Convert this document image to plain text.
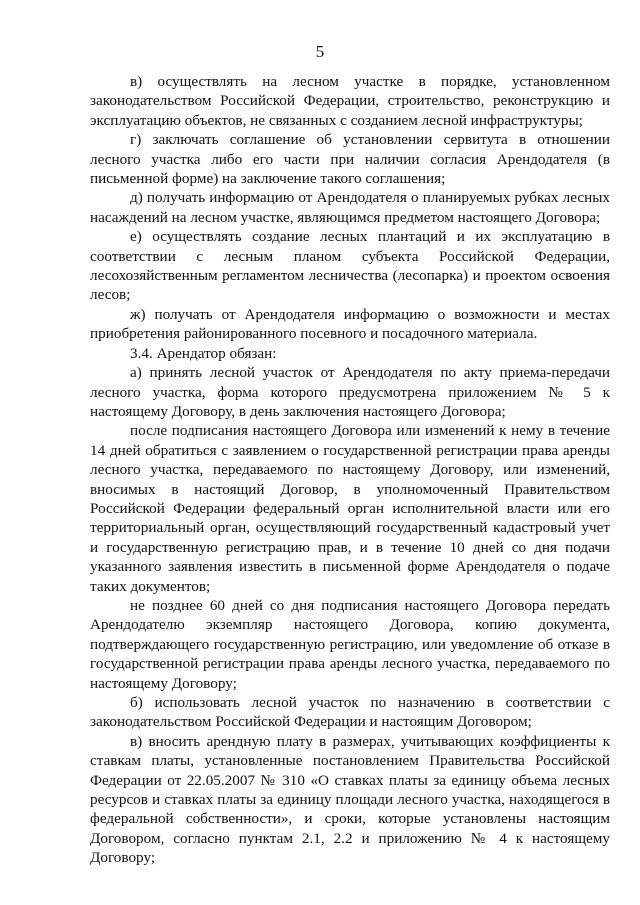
5

в) осуществлять на лесном участке в порядке, установленном законодательством Российской Федерации, строительство, реконструкцию и эксплуатацию объектов, не связанных с созданием лесной инфраструктуры;

г) заключать соглашение об установлении сервитута в отношении лесного участка либо его части при наличии согласия Арендодателя (в письменной форме) на заключение такого соглашения;

д) получать информацию от Арендодателя о планируемых рубках лесных насаждений на лесном участке, являющимся предметом настоящего Договора;

е) осуществлять создание лесных плантаций и их эксплуатацию в соответствии с лесным планом субъекта Российской Федерации, лесохозяйственным регламентом лесничества (лесопарка) и проектом освоения лесов;

ж) получать от Арендодателя информацию о возможности и местах приобретения районированного посевного и посадочного материала.

3.4. Арендатор обязан:

а) принять лесной участок от Арендодателя по акту приема-передачи лесного участка, форма которого предусмотрена приложением № 5 к настоящему Договору, в день заключения настоящего Договора;

после подписания настоящего Договора или изменений к нему в течение 14 дней обратиться с заявлением о государственной регистрации права аренды лесного участка, передаваемого по настоящему Договору, или изменений, вносимых в настоящий Договор, в уполномоченный Правительством Российской Федерации федеральный орган исполнительной власти или его территориальный орган, осуществляющий государственный кадастровый учет и государственную регистрацию прав, и в течение 10 дней со дня подачи указанного заявления известить в письменной форме Арендодателя о подаче таких документов;

не позднее 60 дней со дня подписания настоящего Договора передать Арендодателю экземпляр настоящего Договора, копию документа, подтверждающего государственную регистрацию, или уведомление об отказе в государственной регистрации права аренды лесного участка, передаваемого по настоящему Договору;

б) использовать лесной участок по назначению в соответствии с законодательством Российской Федерации и настоящим Договором;

в) вносить арендную плату в размерах, учитывающих коэффициенты к ставкам платы, установленные постановлением Правительства Российской Федерации от 22.05.2007 № 310 «О ставках платы за единицу объема лесных ресурсов и ставках платы за единицу площади лесного участка, находящегося в федеральной собственности», и сроки, которые установлены настоящим Договором, согласно пунктам 2.1, 2.2 и приложению № 4 к настоящему Договору;
